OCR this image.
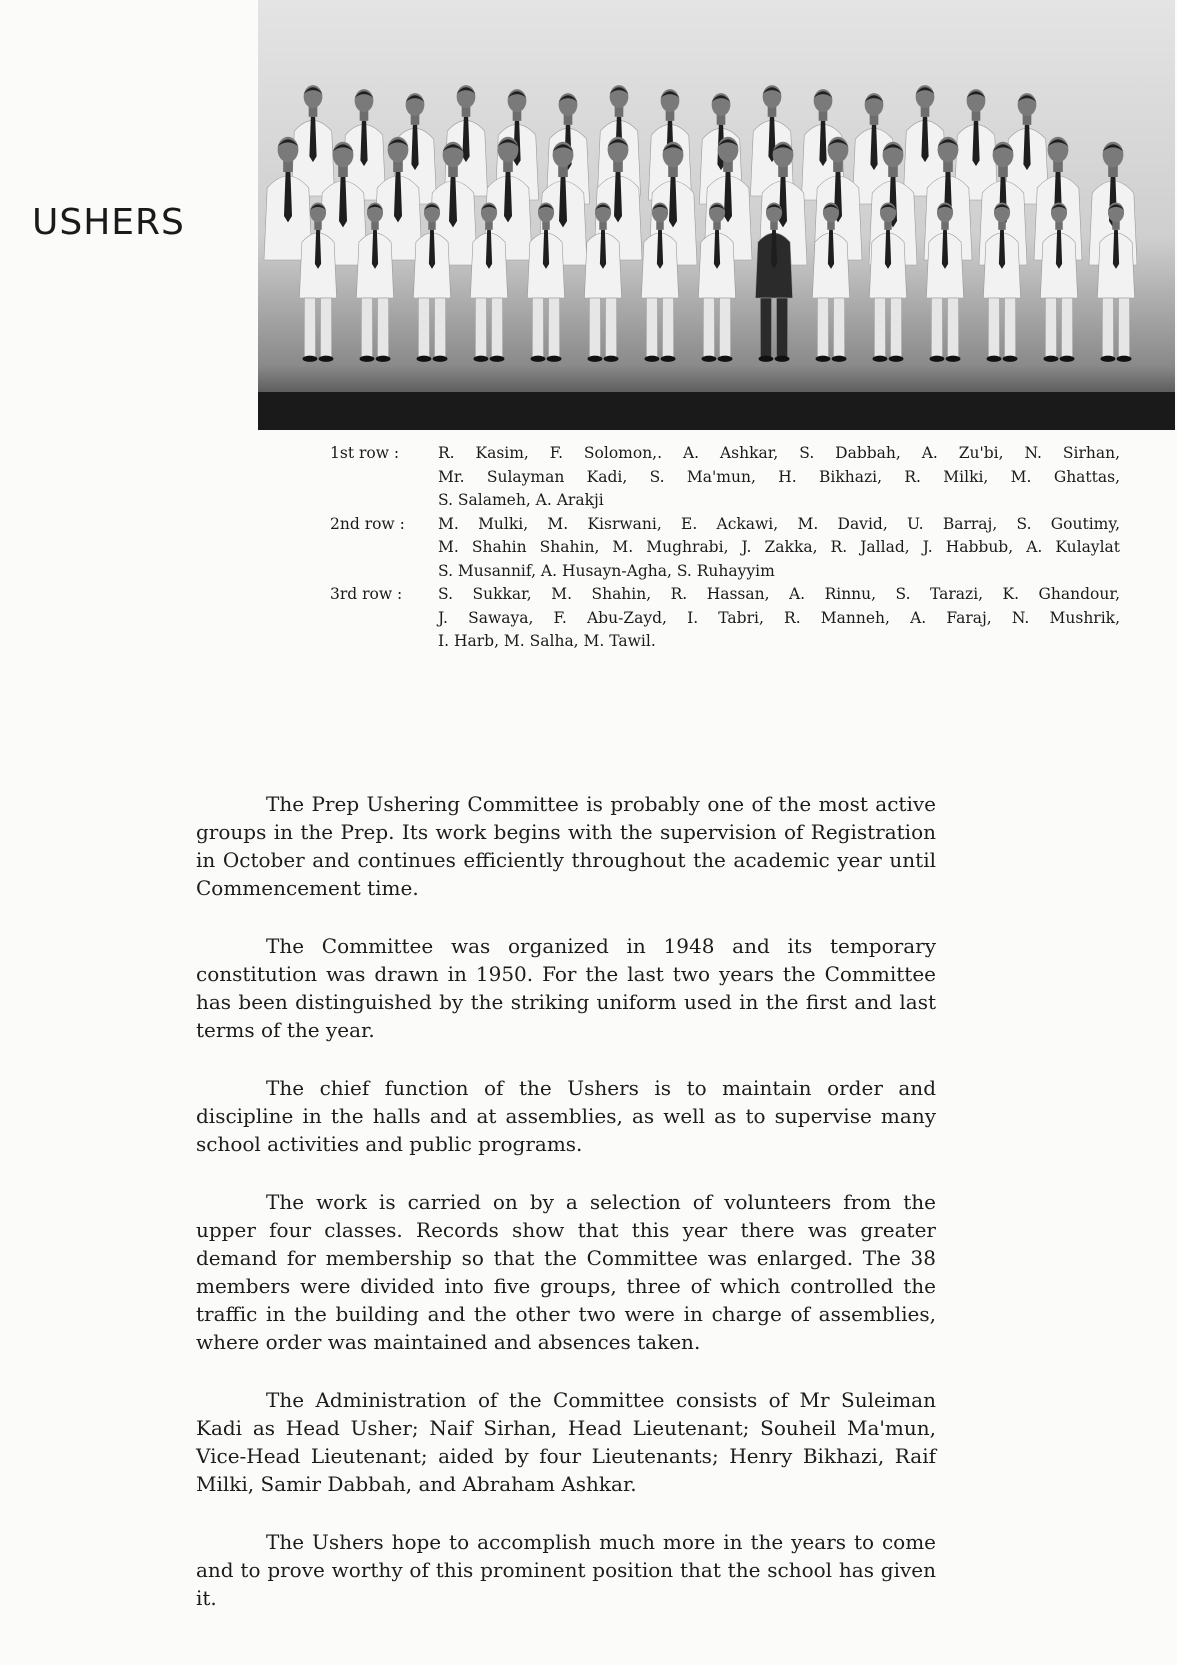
USHERS
1st row :	R. Kasim, F. Solomon,. A. Ashkar, S. Dabbah, A. Zu'bi, N. Sirhan,
Mr. Sulayman Kadi, S. Ma'mun, H. Bikhazi, R. Milki, M. Ghattas,
S. Salameh, A. Arakji
2nd row :	M. Mulki, M. Kisrwani, E. Ackawi, M. David, U. Barraj, S. Goutimy,
M. Shahin Shahin, M. Mughrabi, J. Zakka, R. Jallad, J. Habbub, A. Kulaylat
S. Musannif, A. Husayn-Agha, S. Ruhayyim
3rd row :	S. Sukkar, M. Shahin, R. Hassan, A. Rinnu, S. Tarazi, K. Ghandour,
J. Sawaya, F. Abu-Zayd, I. Tabri, R. Manneh, A. Faraj, N. Mushrik,
I. Harb, M. Salha, M. Tawil.

The Prep Ushering Committee is probably one of the most active groups in the Prep. Its work begins with the supervision of Registration in October and continues efficiently throughout the academic year until Commencement time.

The Committee was organized in 1948 and its temporary constitution was drawn in 1950. For the last two years the Committee has been distinguished by the striking uniform used in the first and last terms of the year.

The chief function of the Ushers is to maintain order and discipline in the halls and at assemblies, as well as to supervise many school activities and public programs.

The work is carried on by a selection of volunteers from the upper four classes. Records show that this year there was greater demand for membership so that the Committee was enlarged. The 38 members were divided into five groups, three of which controlled the traffic in the building and the other two were in charge of assemblies, where order was maintained and absences taken.

The Administration of the Committee consists of Mr Suleiman Kadi as Head Usher; Naif Sirhan, Head Lieutenant; Souheil Ma'mun, Vice-Head Lieutenant; aided by four Lieutenants; Henry Bikhazi, Raif Milki, Samir Dabbah, and Abraham Ashkar.

The Ushers hope to accomplish much more in the years to come and to prove worthy of this prominent position that the school has given it.
